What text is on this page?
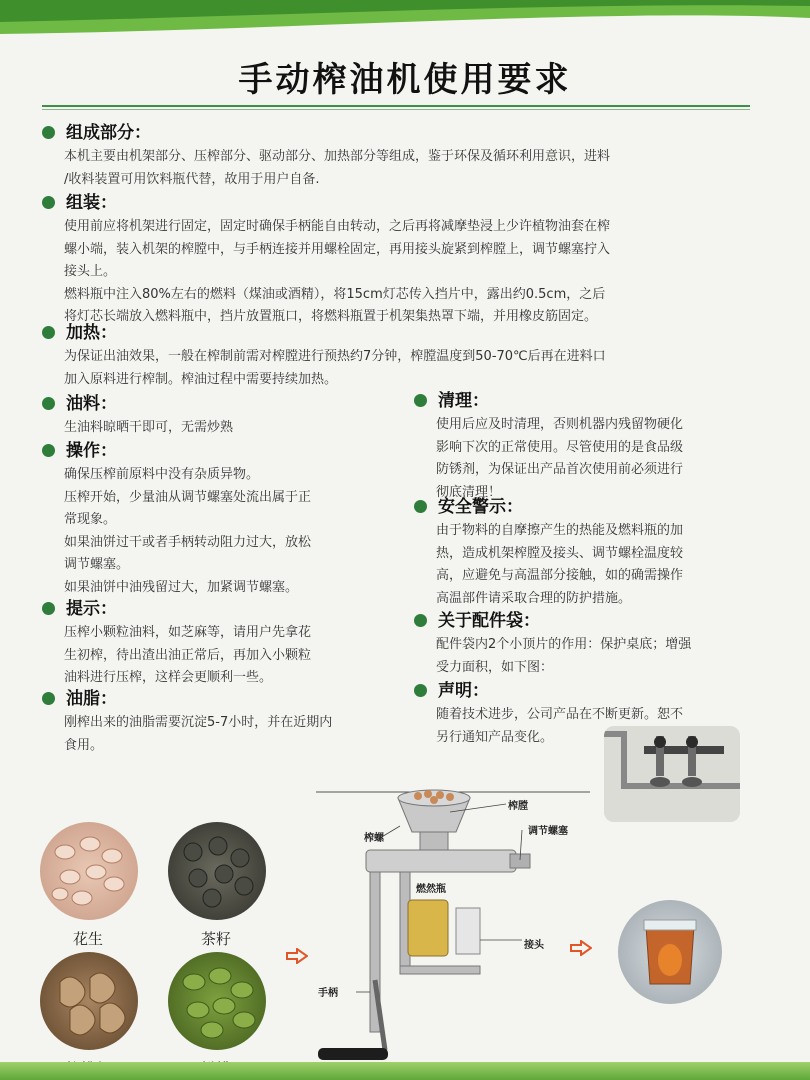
手动榨油机使用要求
组成部分：

本机主要由机架部分、压榨部分、驱动部分、加热部分等组成，鉴于环保及循环利用意识，进料
/收料装置可用饮料瓶代替，故用于用户自备.

组装：

使用前应将机架进行固定，固定时确保手柄能自由转动，之后再将减摩垫浸上少许植物油套在榨
螺小端，装入机架的榨膛中，与手柄连接并用螺栓固定，再用接头旋紧到榨膛上，调节螺塞拧入
接头上。
燃料瓶中注入80%左右的燃料（煤油或酒精），将15cm灯芯传入挡片中，露出约0.5cm，之后
将灯芯长端放入燃料瓶中，挡片放置瓶口，将燃料瓶置于机架集热罩下端，并用橡皮筋固定。

加热：

为保证出油效果，一般在榨制前需对榨膛进行预热约7分钟，榨膛温度到50-70℃后再在进料口
加入原料进行榨制。榨油过程中需要持续加热。

油料：

生油料晾晒干即可，无需炒熟

操作：

确保压榨前原料中没有杂质异物。
压榨开始，少量油从调节螺塞处流出属于正
常现象。
如果油饼过干或者手柄转动阻力过大，放松
调节螺塞。
如果油饼中油残留过大，加紧调节螺塞。

提示：

压榨小颗粒油料，如芝麻等，请用户先拿花
生初榨，待出渣出油正常后，再加入小颗粒
油料进行压榨，这样会更顺利一些。

油脂：

刚榨出来的油脂需要沉淀5-7小时，并在近期内
食用。

清理：

使用后应及时清理，否则机器内残留物硬化
影响下次的正常使用。尽管使用的是食品级
防锈剂，为保证出产品首次使用前必须进行
彻底清理！

安全警示：

由于物料的自摩擦产生的热能及燃料瓶的加
热，造成机架榨膛及接头、调节螺栓温度较
高，应避免与高温部分接触，如的确需操作
高温部件请采取合理的防护措施。

关于配件袋：

配件袋内2个小顶片的作用：保护桌底；增强
受力面积，如下图：

声明：

随着技术进步，公司产品在不断更新。恕不
另行通知产品变化。

花生	茶籽
榨膛
榨螺
调节螺塞
燃然瓶
接头
手柄
